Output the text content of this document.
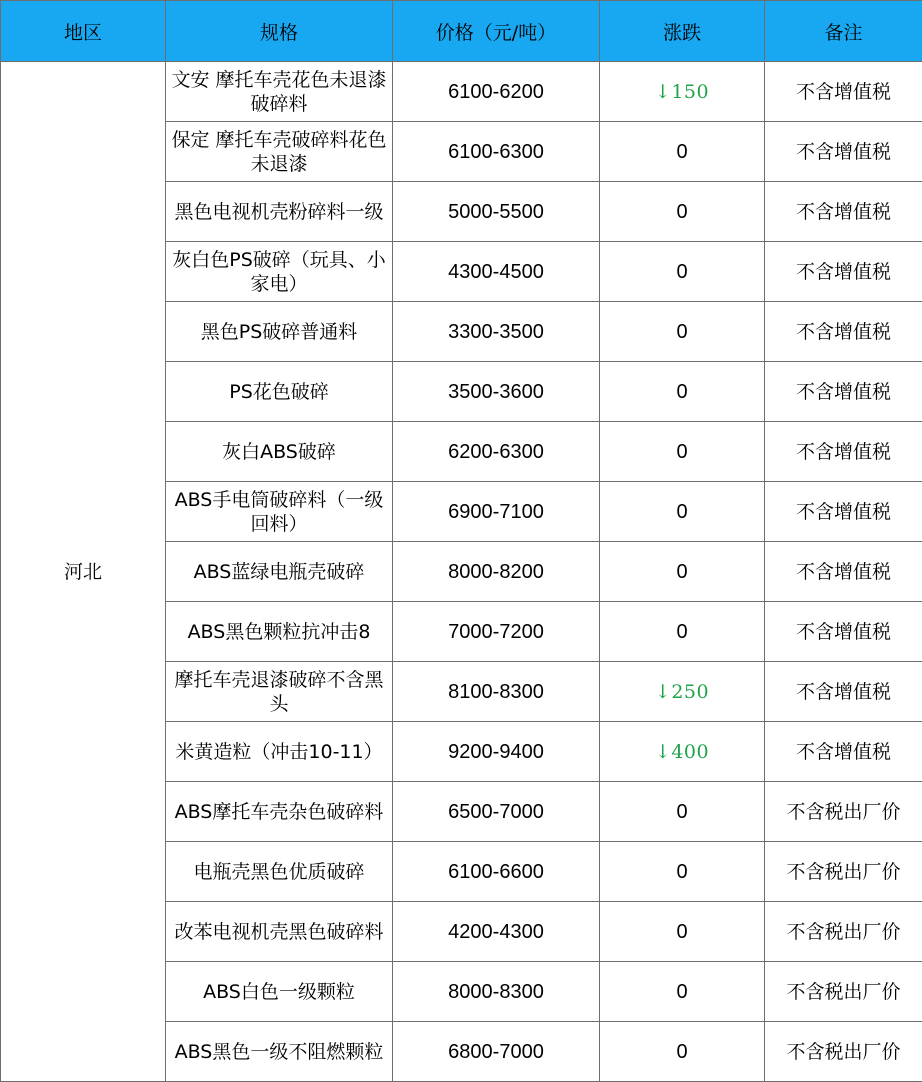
地区	规格	价格（元/吨）	涨跌	备注
河北	文安 摩托车壳花色未退漆破碎料	6100-6200	↓150	不含增值税
	保定 摩托车壳破碎料花色未退漆	6100-6300	0	不含增值税
	黑色电视机壳粉碎料一级	5000-5500	0	不含增值税
	灰白色PS破碎（玩具、小家电）	4300-4500	0	不含增值税
	黑色PS破碎普通料	3300-3500	0	不含增值税
	PS花色破碎	3500-3600	0	不含增值税
	灰白ABS破碎	6200-6300	0	不含增值税
	ABS手电筒破碎料（一级回料）	6900-7100	0	不含增值税
	ABS蓝绿电瓶壳破碎	8000-8200	0	不含增值税
	ABS黑色颗粒抗冲击8	7000-7200	0	不含增值税
	摩托车壳退漆破碎不含黑头	8100-8300	↓250	不含增值税
	米黄造粒（冲击10-11）	9200-9400	↓400	不含增值税
	ABS摩托车壳杂色破碎料	6500-7000	0	不含税出厂价
	电瓶壳黑色优质破碎	6100-6600	0	不含税出厂价
	改苯电视机壳黑色破碎料	4200-4300	0	不含税出厂价
	ABS白色一级颗粒	8000-8300	0	不含税出厂价
	ABS黑色一级不阻燃颗粒	6800-7000	0	不含税出厂价
